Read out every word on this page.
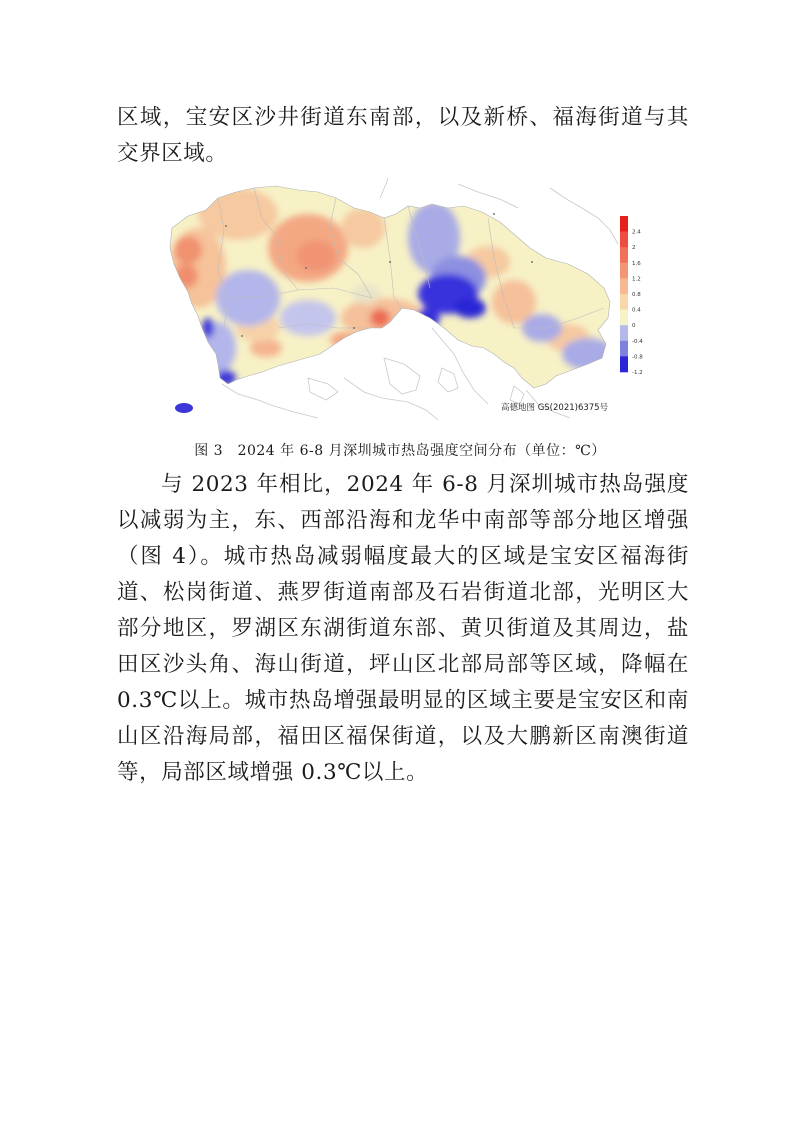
区域，宝安区沙井街道东南部，以及新桥、福海街道与其交界区域。

2.4
2
1.6
1.2
0.8
0.4
0
-0.4
-0.8
-1.2
高德地图 GS(2021)6375号
图 3　2024 年 6-8 月深圳城市热岛强度空间分布（单位：℃）

与 2023 年相比，2024 年 6-8 月深圳城市热岛强度以减弱为主，东、西部沿海和龙华中南部等部分地区增强（图 4）。城市热岛减弱幅度最大的区域是宝安区福海街道、松岗街道、燕罗街道南部及石岩街道北部，光明区大部分地区，罗湖区东湖街道东部、黄贝街道及其周边，盐田区沙头角、海山街道，坪山区北部局部等区域，降幅在 0.3℃以上。城市热岛增强最明显的区域主要是宝安区和南山区沿海局部，福田区福保街道，以及大鹏新区南澳街道等，局部区域增强 0.3℃以上。
